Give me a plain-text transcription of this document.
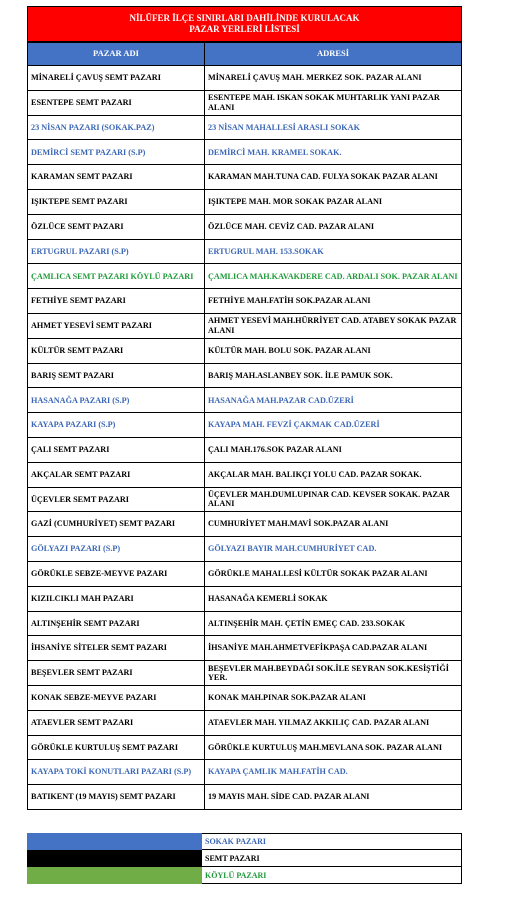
NİLÜFER İLÇE SINIRLARI DAHİLİNDE KURULACAK
PAZAR YERLERİ LİSTESİ
PAZAR ADI	ADRESİ
MİNARELİ ÇAVUŞ SEMT PAZARI	MİNARELİ ÇAVUŞ MAH. MERKEZ SOK. PAZAR ALANI
ESENTEPE SEMT PAZARI	ESENTEPE MAH. ISKAN SOKAK MUHTARLIK YANI PAZAR ALANI
23 NİSAN PAZARI (SOKAK.PAZ)	23 NİSAN MAHALLESİ ARASLI SOKAK
DEMİRCİ SEMT PAZARI (S.P)	DEMİRCİ MAH. KRAMEL SOKAK.
KARAMAN SEMT PAZARI	KARAMAN MAH.TUNA CAD. FULYA SOKAK PAZAR ALANI
IŞIKTEPE SEMT PAZARI	IŞIKTEPE MAH. MOR SOKAK PAZAR ALANI
ÖZLÜCE SEMT PAZARI	ÖZLÜCE MAH. CEVİZ CAD. PAZAR ALANI
ERTUGRUL PAZARI (S.P)	ERTUGRUL MAH. 153.SOKAK
ÇAMLICA SEMT PAZARI KÖYLÜ PAZARI	ÇAMLICA MAH.KAVAKDERE CAD. ARDALI SOK. PAZAR ALANI
FETHİYE SEMT PAZARI	FETHİYE MAH.FATİH SOK.PAZAR ALANI
AHMET YESEVİ SEMT PAZARI	AHMET YESEVİ MAH.HÜRRİYET CAD. ATABEY SOKAK PAZAR ALANI
KÜLTÜR SEMT PAZARI	KÜLTÜR MAH. BOLU SOK. PAZAR ALANI
BARIŞ SEMT PAZARI	BARIŞ MAH.ASLANBEY SOK. İLE PAMUK SOK.
HASANAĞA PAZARI (S.P)	HASANAĞA MAH.PAZAR CAD.ÜZERİ
KAYAPA PAZARI (S.P)	KAYAPA MAH. FEVZİ ÇAKMAK CAD.ÜZERİ
ÇALI SEMT PAZARI	ÇALI MAH.176.SOK PAZAR ALANI
AKÇALAR SEMT PAZARI	AKÇALAR MAH. BALIKÇI YOLU CAD. PAZAR SOKAK.
ÜÇEVLER SEMT PAZARI	ÜÇEVLER MAH.DUMLUPINAR CAD. KEVSER SOKAK. PAZAR ALANI
GAZİ (CUMHURİYET) SEMT PAZARI	CUMHURİYET MAH.MAVİ SOK.PAZAR ALANI
GÖLYAZI PAZARI (S.P)	GÖLYAZI BAYIR MAH.CUMHURİYET CAD.
GÖRÜKLE SEBZE-MEYVE PAZARI	GÖRÜKLE MAHALLESİ KÜLTÜR SOKAK PAZAR ALANI
KIZILCIKLI MAH PAZARI	HASANAĞA KEMERLİ SOKAK
ALTINŞEHİR SEMT PAZARI	ALTINŞEHİR MAH. ÇETİN EMEÇ CAD. 233.SOKAK
İHSANİYE SİTELER SEMT PAZARI	İHSANİYE MAH.AHMETVEFİKPAŞA CAD.PAZAR ALANI
BEŞEVLER SEMT PAZARI	BEŞEVLER MAH.BEYDAĞI SOK.İLE SEYRAN SOK.KESİŞTİĞİ YER.
KONAK SEBZE-MEYVE PAZARI	KONAK MAH.PINAR SOK.PAZAR ALANI
ATAEVLER SEMT PAZARI	ATAEVLER MAH. YILMAZ AKKILIÇ CAD. PAZAR ALANI
GÖRÜKLE KURTULUŞ SEMT PAZARI	GÖRÜKLE KURTULUŞ MAH.MEVLANA SOK. PAZAR ALANI
KAYAPA TOKİ KONUTLARI PAZARI (S.P)	KAYAPA ÇAMLIK MAH.FATİH CAD.
BATIKENT (19 MAYIS) SEMT PAZARI	19 MAYIS MAH. SİDE CAD. PAZAR ALANI
SOKAK PAZARI
SEMT PAZARI
KÖYLÜ PAZARI
